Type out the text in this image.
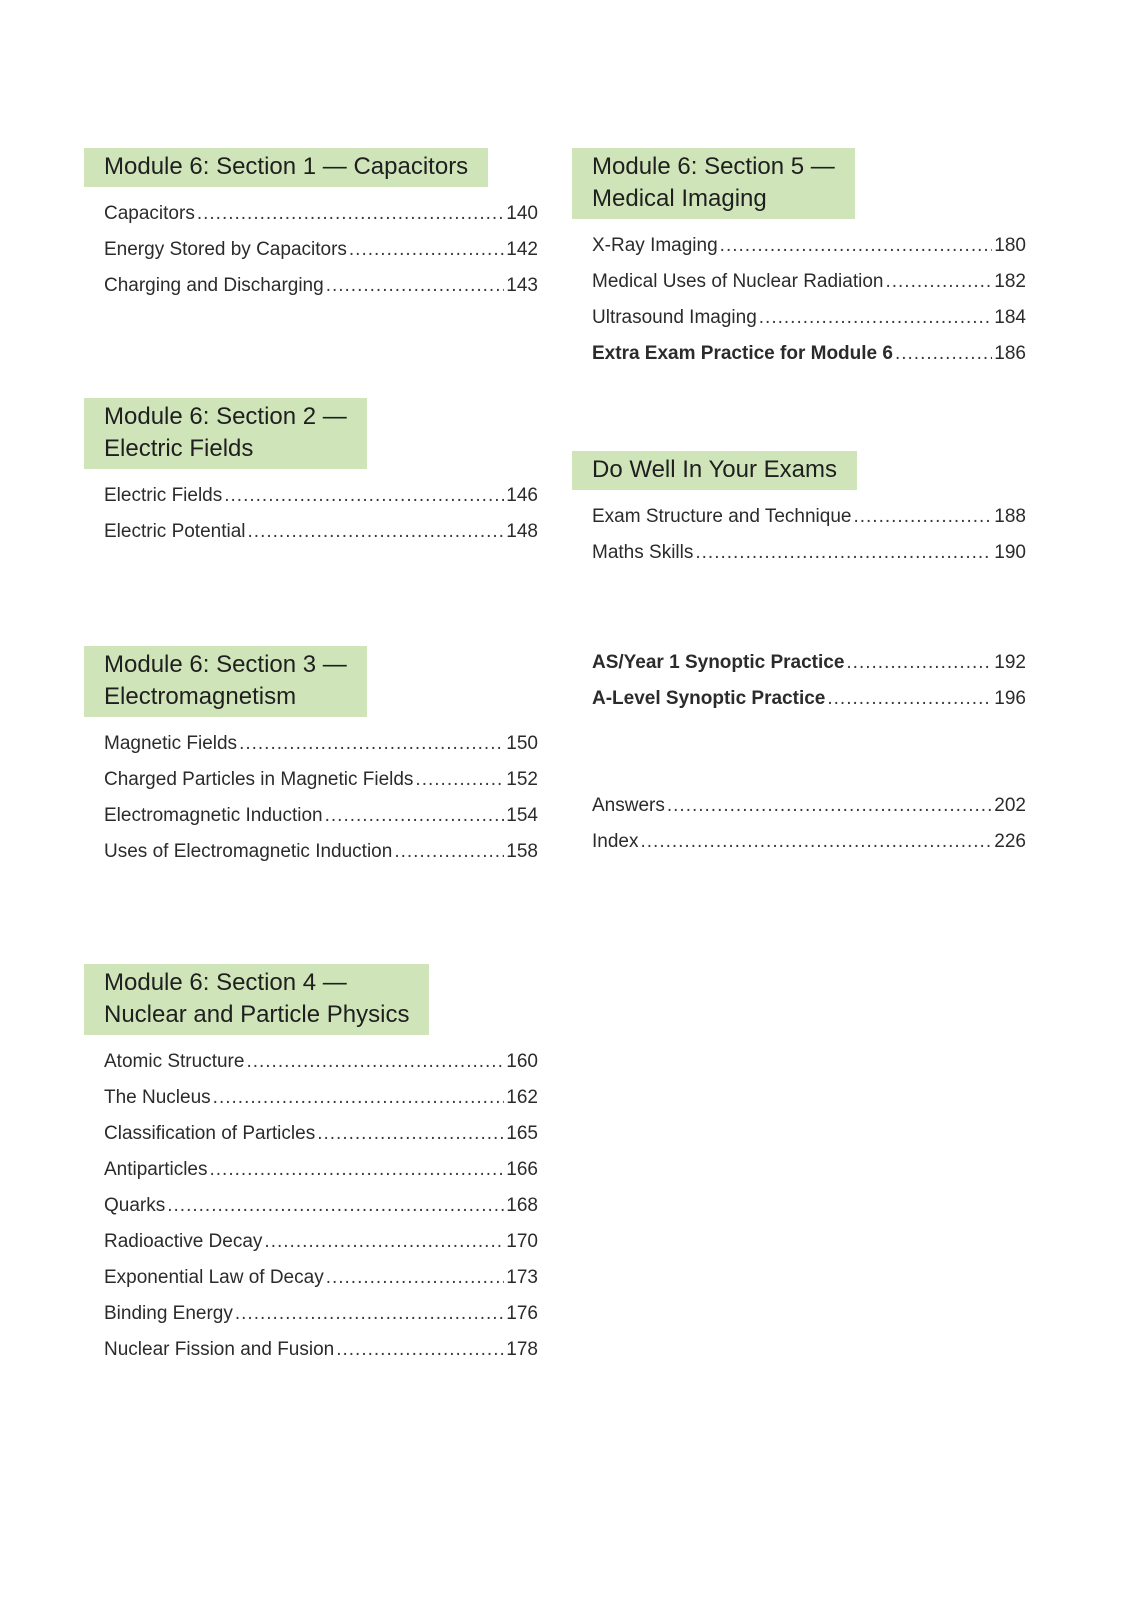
Module 6: Section 1 — Capacitors
Capacitors .....	140
Energy Stored by Capacitors .....	142
Charging and Discharging .....	143
Module 6: Section 2 —
Electric Fields
Electric Fields .....	146
Electric Potential .....	148
Module 6: Section 3 —
Electromagnetism
Magnetic Fields .....	150
Charged Particles in Magnetic Fields .....	152
Electromagnetic Induction .....	154
Uses of Electromagnetic Induction .....	158
Module 6: Section 4 —
Nuclear and Particle Physics
Atomic Structure .....	160
The Nucleus .....	162
Classification of Particles .....	165
Antiparticles .....	166
Quarks .....	168
Radioactive Decay .....	170
Exponential Law of Decay .....	173
Binding Energy .....	176
Nuclear Fission and Fusion .....	178
Module 6: Section 5 —
Medical Imaging
X-Ray Imaging .....	180
Medical Uses of Nuclear Radiation .....	182
Ultrasound Imaging .....	184
Extra Exam Practice for Module 6 .....	186
Do Well In Your Exams
Exam Structure and Technique .....	188
Maths Skills .....	190
AS/Year 1 Synoptic Practice .....	192
A-Level Synoptic Practice .....	196
Answers .....	202
Index .....	226
